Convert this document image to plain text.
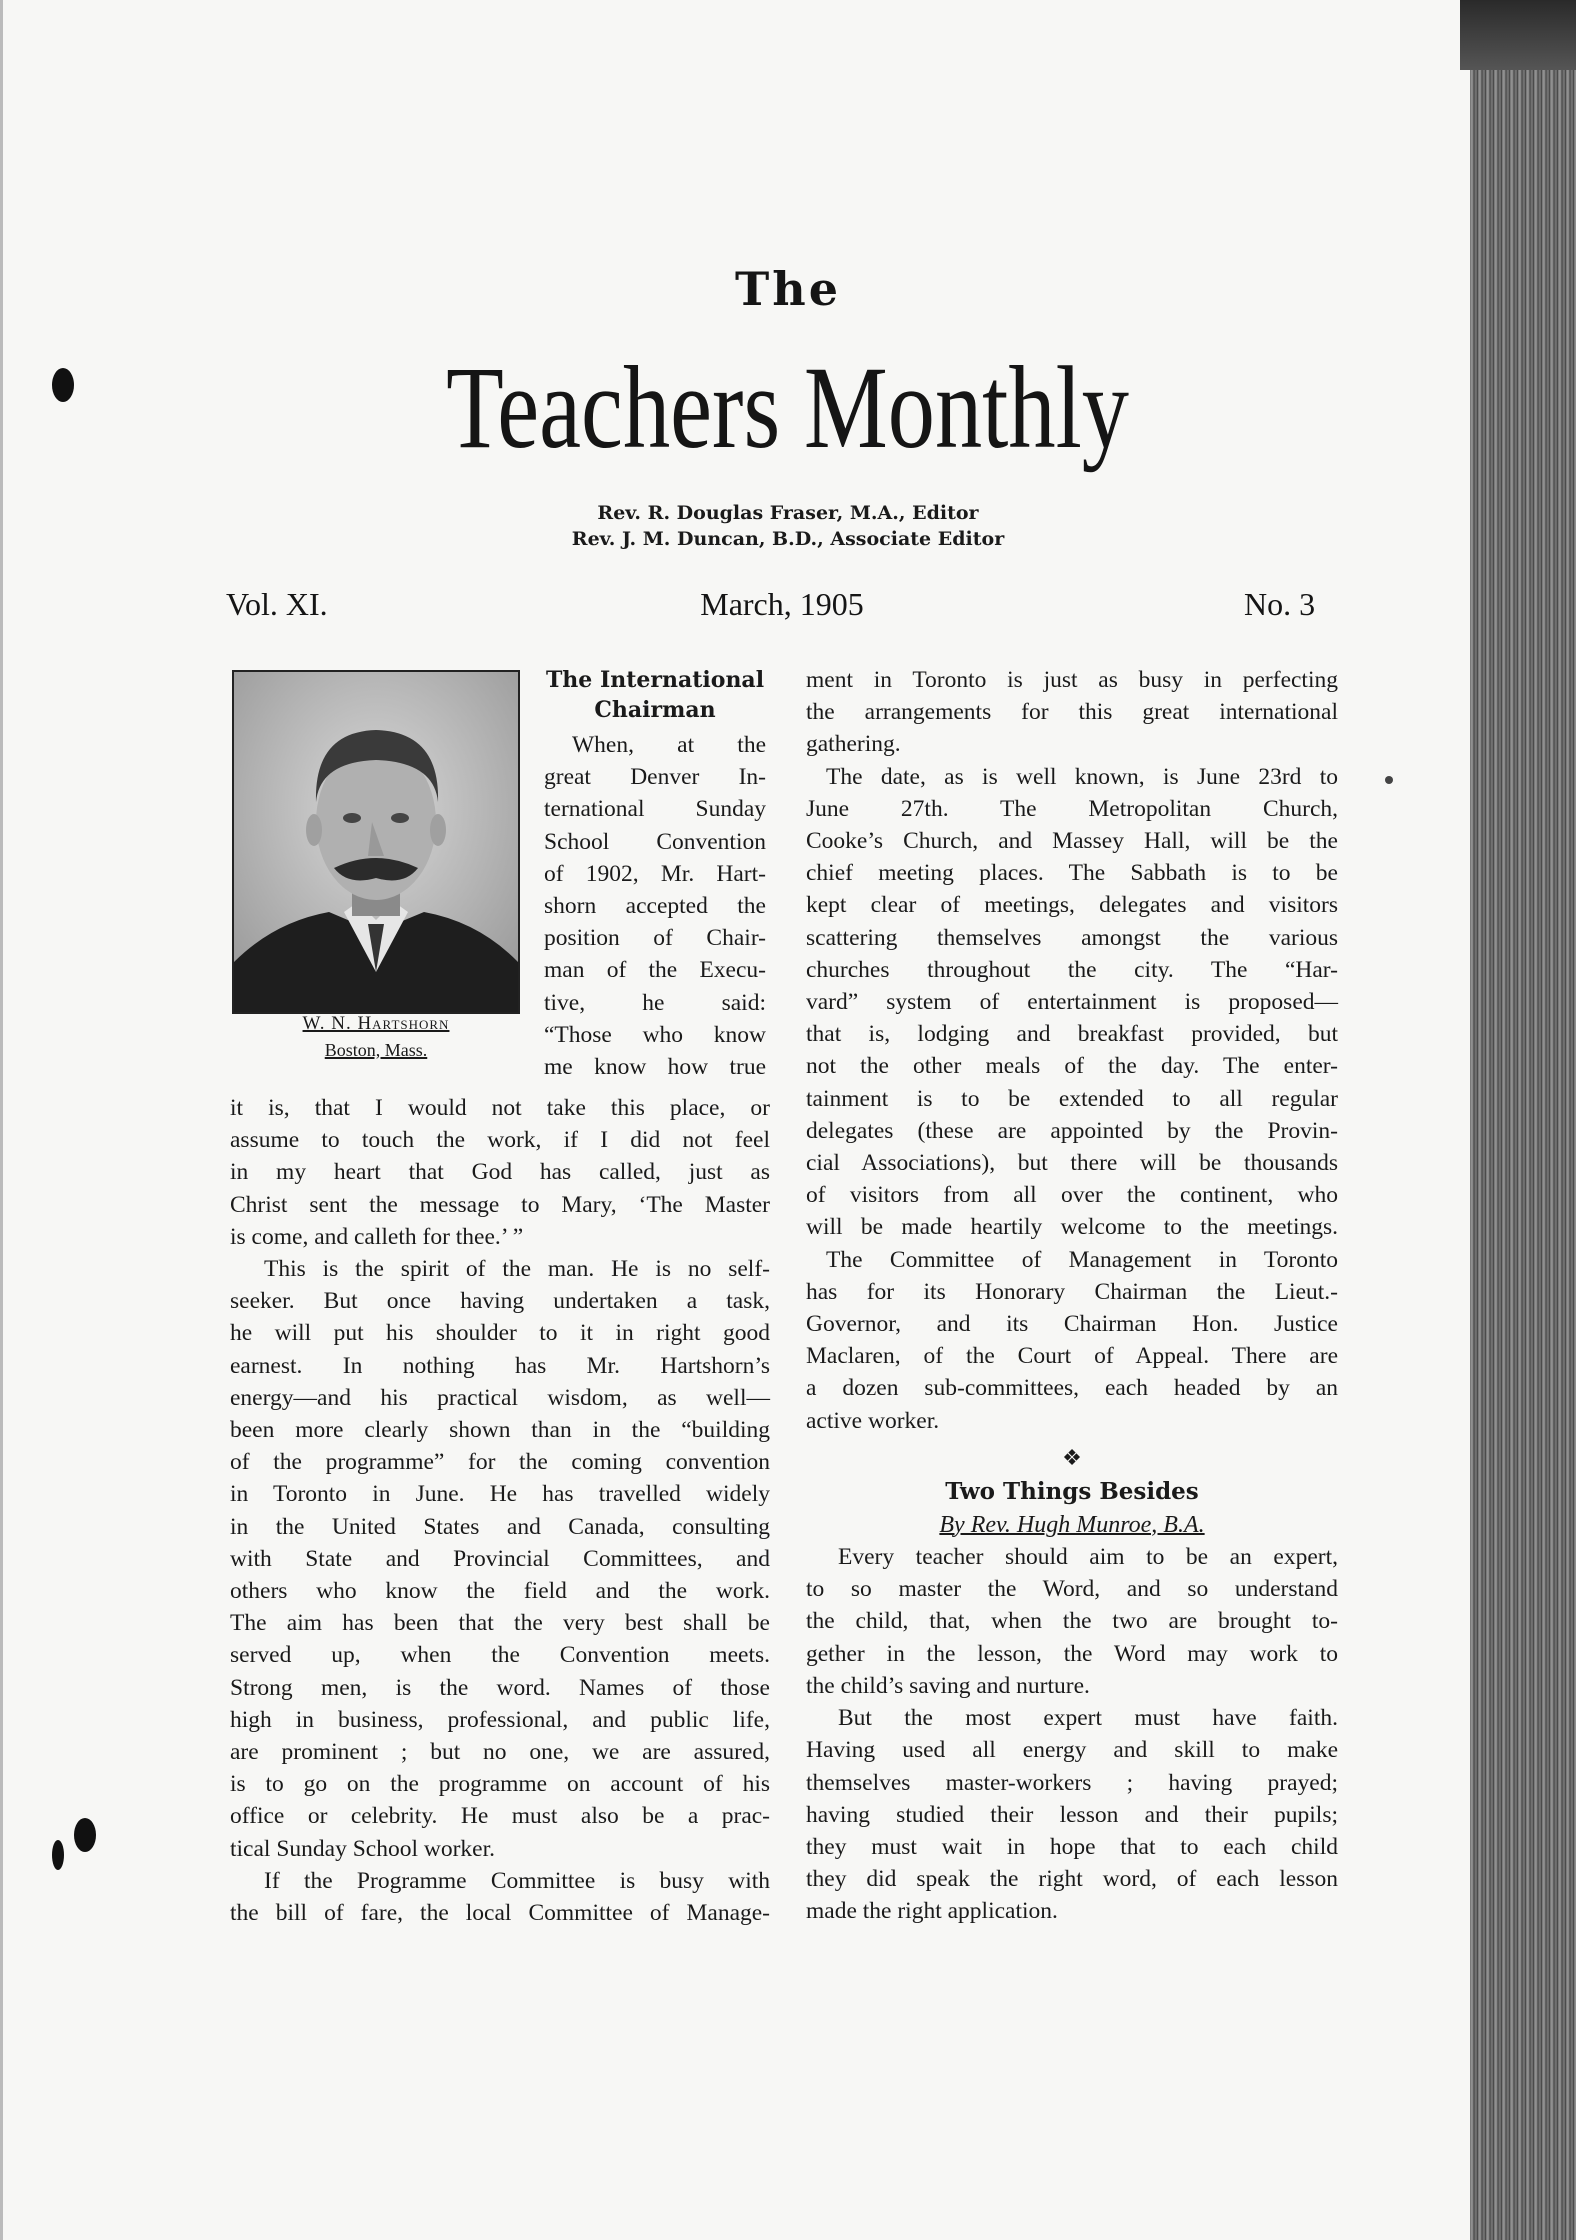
The
Teachers Monthly
Rev. R. Douglas Fraser, M.A., Editor
Rev. J. M. Duncan, B.D., Associate Editor
Vol. XI.	March, 1905	No. 3
W. N. Hartshorn
Boston, Mass.
The International
Chairman
When, at the
great Denver In-
ternational Sunday
School Convention
of 1902, Mr. Hart-
shorn accepted the
position of Chair-
man of the Execu-
tive, he said:
“Those who know
me know how true
it is, that I would not take this place, or
assume to touch the work, if I did not feel
in my heart that God has called, just as
Christ sent the message to Mary, ‘The Master
is come, and calleth for thee.’ ”
This is the spirit of the man. He is no self-
seeker. But once having undertaken a task,
he will put his shoulder to it in right good
earnest. In nothing has Mr. Hartshorn’s
energy—and his practical wisdom, as well—
been more clearly shown than in the “building
of the programme” for the coming convention
in Toronto in June. He has travelled widely
in the United States and Canada, consulting
with State and Provincial Committees, and
others who know the field and the work.
The aim has been that the very best shall be
served up, when the Convention meets.
Strong men, is the word. Names of those
high in business, professional, and public life,
are prominent ; but no one, we are assured,
is to go on the programme on account of his
office or celebrity. He must also be a prac-
tical Sunday School worker.
If the Programme Committee is busy with
the bill of fare, the local Committee of Manage-
ment in Toronto is just as busy in perfecting
the arrangements for this great international
gathering.
The date, as is well known, is June 23rd to
June 27th. The Metropolitan Church,
Cooke’s Church, and Massey Hall, will be the
chief meeting places. The Sabbath is to be
kept clear of meetings, delegates and visitors
scattering themselves amongst the various
churches throughout the city. The “Har-
vard” system of entertainment is proposed—
that is, lodging and breakfast provided, but
not the other meals of the day. The enter-
tainment is to be extended to all regular
delegates (these are appointed by the Provin-
cial Associations), but there will be thousands
of visitors from all over the continent, who
will be made heartily welcome to the meetings.
The Committee of Management in Toronto
has for its Honorary Chairman the Lieut.-
Governor, and its Chairman Hon. Justice
Maclaren, of the Court of Appeal. There are
a dozen sub-committees, each headed by an
active worker.
❖
Two Things Besides
By Rev. Hugh Munroe, B.A.
Every teacher should aim to be an expert,
to so master the Word, and so understand
the child, that, when the two are brought to-
gether in the lesson, the Word may work to
the child’s saving and nurture.
But the most expert must have faith.
Having used all energy and skill to make
themselves master-workers ; having prayed;
having studied their lesson and their pupils;
they must wait in hope that to each child
they did speak the right word, of each lesson
made the right application.
